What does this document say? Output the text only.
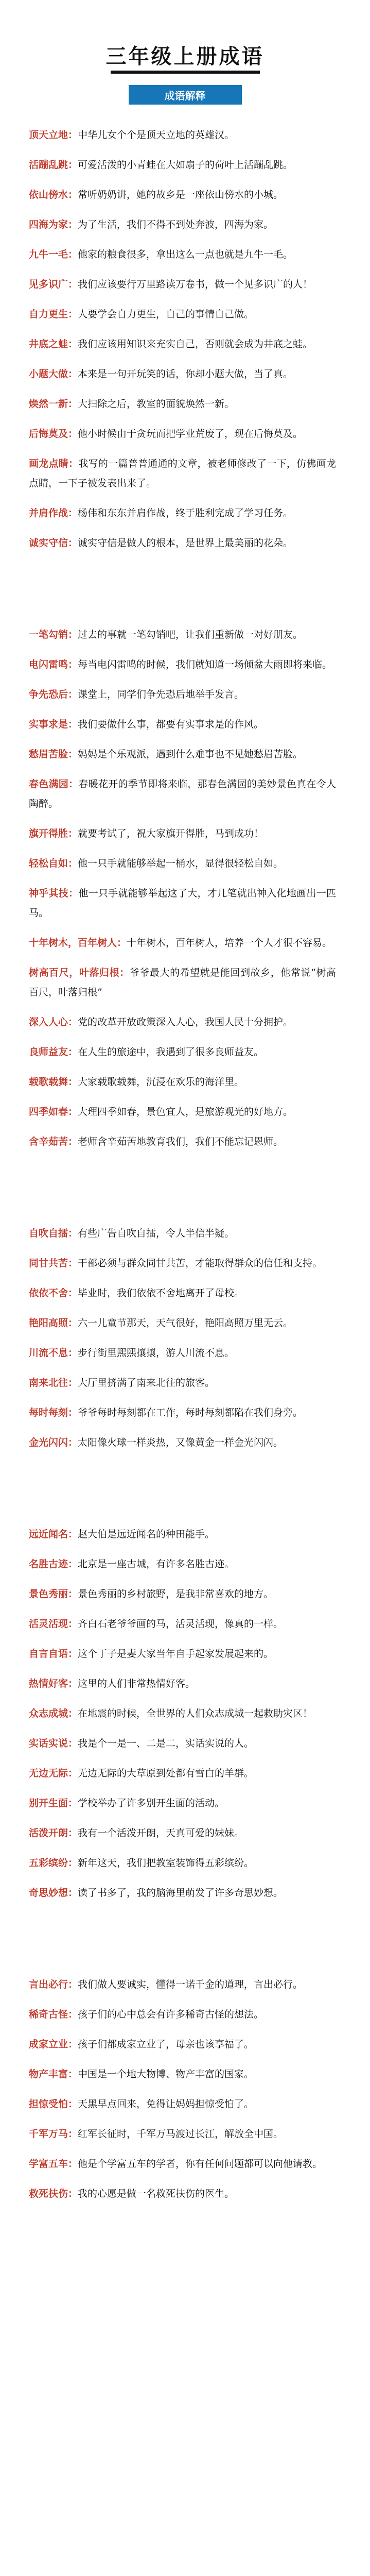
三年级上册成语
成语解释
顶天立地：中华儿女个个是顶天立地的英雄汉。
活蹦乱跳：可爱活泼的小青蛙在大如扇子的荷叶上活蹦乱跳。
依山傍水：常听奶奶讲，她的故乡是一座依山傍水的小城。
四海为家：为了生活，我们不得不到处奔波，四海为家。
九牛一毛：他家的粮食很多，拿出这么一点也就是九牛一毛。
见多识广：我们应该要行万里路读万卷书，做一个见多识广的人！
自力更生：人要学会自力更生，自己的事情自己做。
井底之蛙：我们应该用知识来充实自己，否则就会成为井底之蛙。
小题大做：本来是一句开玩笑的话，你却小题大做，当了真。
焕然一新：大扫除之后，教室的面貌焕然一新。
后悔莫及：他小时候由于贪玩而把学业荒废了，现在后悔莫及。
画龙点睛：我写的一篇普普通通的文章，被老师修改了一下，仿佛画龙点睛，一下子被发表出来了。
并肩作战：杨伟和东东并肩作战，终于胜利完成了学习任务。
诚实守信：诚实守信是做人的根本，是世界上最美丽的花朵。
一笔勾销：过去的事就一笔勾销吧，让我们重新做一对好朋友。
电闪雷鸣：每当电闪雷鸣的时候，我们就知道一场倾盆大雨即将来临。
争先恐后：课堂上，同学们争先恐后地举手发言。
实事求是：我们要做什么事，都要有实事求是的作风。
愁眉苦脸：妈妈是个乐观派，遇到什么难事也不见她愁眉苦脸。
春色满园：春暖花开的季节即将来临，那春色满园的美妙景色真在令人陶醉。
旗开得胜：就要考试了，祝大家旗开得胜，马到成功！
轻松自如：他一只手就能够举起一桶水，显得很轻松自如。
神乎其技：他一只手就能够举起这了大，才几笔就出神入化地画出一匹马。
十年树木，百年树人：十年树木，百年树人，培养一个人才很不容易。
树高百尺，叶落归根：爷爷最大的希望就是能回到故乡，他常说“树高百尺，叶落归根”
深入人心：党的改革开放政策深入人心，我国人民十分拥护。
良师益友：在人生的旅途中，我遇到了很多良师益友。
载歌载舞：大家载歌载舞，沉浸在欢乐的海洋里。
四季如春：大理四季如春，景色宜人，是旅游观光的好地方。
含辛茹苦：老师含辛茹苦地教育我们，我们不能忘记恩师。
自吹自擂：有些广告自吹自擂，令人半信半疑。
同甘共苦：干部必须与群众同甘共苦，才能取得群众的信任和支持。
依依不舍：毕业时，我们依依不舍地离开了母校。
艳阳高照：六一儿童节那天，天气很好，艳阳高照万里无云。
川流不息：步行街里熙熙攘攘，游人川流不息。
南来北往：大厅里挤满了南来北往的旅客。
每时每刻：爷爷每时每刻都在工作，每时每刻都陷在我们身旁。
金光闪闪：太阳像火球一样炎热，又像黄金一样金光闪闪。
远近闻名：赵大伯是远近闻名的种田能手。
名胜古迹：北京是一座古城，有许多名胜古迹。
景色秀丽：景色秀丽的乡村旅野，是我非常喜欢的地方。
活灵活现：齐白石老爷爷画的马，活灵活现，像真的一样。
自言自语：这个丁子是妻大家当年自手起家发展起来的。
热情好客：这里的人们非常热情好客。
众志成城：在地震的时候，全世界的人们众志成城一起救助灾区！
实话实说：我是个一是一、二是二，实话实说的人。
无边无际：无边无际的大草原到处都有雪白的羊群。
别开生面：学校举办了许多别开生面的活动。
活泼开朗：我有一个活泼开朗，天真可爱的妹妹。
五彩缤纷：新年这天，我们把教室装饰得五彩缤纷。
奇思妙想：读了书多了，我的脑海里萌发了许多奇思妙想。
言出必行：我们做人要诚实，懂得一诺千金的道理，言出必行。
稀奇古怪：孩子们的心中总会有许多稀奇古怪的想法。
成家立业：孩子们都成家立业了，母亲也该享福了。
物产丰富：中国是一个地大物博、物产丰富的国家。
担惊受怕：天黑早点回来，免得让妈妈担惊受怕了。
千军万马：红军长征时，千军万马渡过长江，解放全中国。
学富五车：他是个学富五车的学者，你有任何问题都可以向他请教。
救死扶伤：我的心愿是做一名救死扶伤的医生。
